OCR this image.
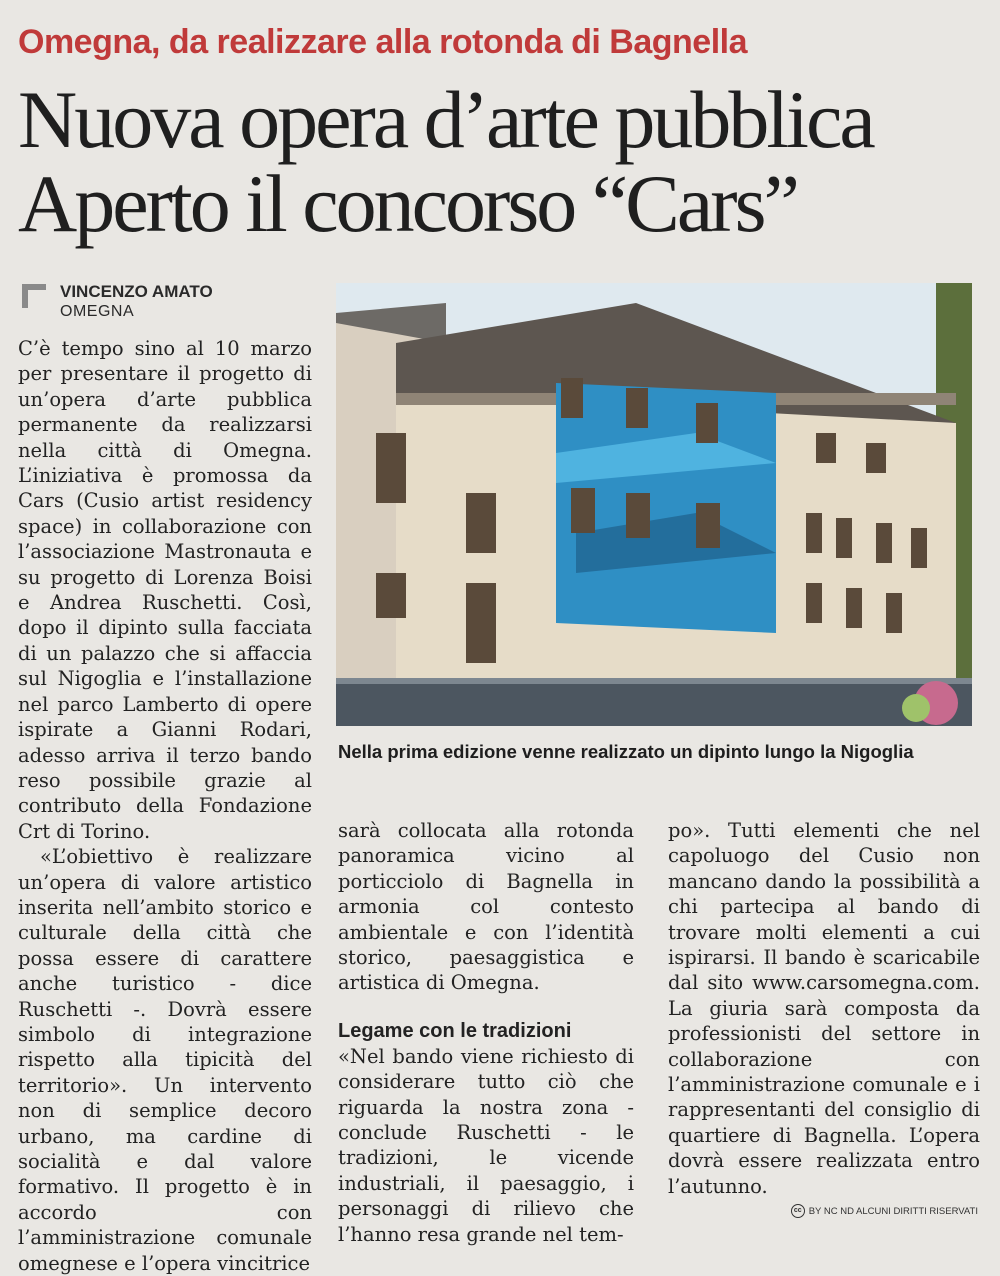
Omegna, da realizzare alla rotonda di Bagnella
Nuova opera d’arte pubblica
Aperto il concorso “Cars”
VINCENZO AMATO
OMEGNA

C’è tempo sino al 10 marzo per presentare il progetto di un’opera d’arte pubblica permanente da realizzarsi nella città di Omegna. L’iniziativa è promossa da Cars (Cusio artist residency space) in collaborazione con l’associazione Mastronauta e su progetto di Lorenza Boisi e Andrea Ruschetti. Così, dopo il dipinto sulla facciata di un palazzo che si affaccia sul Nigoglia e l’installazione nel parco Lamberto di opere ispirate a Gianni Rodari, adesso arriva il terzo bando reso possibile grazie al contributo della Fondazione Crt di Torino.

«L’obiettivo è realizzare un’opera di valore artistico inserita nell’ambito storico e culturale della città che possa essere di carattere anche turistico - dice Ruschetti -. Dovrà essere simbolo di integrazione rispetto alla tipicità del territorio». Un intervento non di semplice decoro urbano, ma cardine di socialità e dal valore formativo. Il progetto è in accordo con l’amministrazione comunale omegnese e l’opera vincitrice

Nella prima edizione venne realizzato un dipinto lungo la Nigoglia

sarà collocata alla rotonda panoramica vicino al porticciolo di Bagnella in armonia col contesto ambientale e con l’identità storico, paesaggistica e artistica di Omegna.

Legame con le tradizioni

«Nel bando viene richiesto di considerare tutto ciò che riguarda la nostra zona - conclude Ruschetti - le tradizioni, le vicende industriali, il paesaggio, i personaggi di rilievo che l’hanno resa grande nel tem-

po». Tutti elementi che nel capoluogo del Cusio non mancano dando la possibilità a chi partecipa al bando di trovare molti elementi a cui ispirarsi. Il bando è scaricabile dal sito www.carsomegna.com. La giuria sarà composta da professionisti del settore in collaborazione con l’amministrazione comunale e i rappresentanti del consiglio di quartiere di Bagnella. L’opera dovrà essere realizzata entro l’autunno.

cc BY NC ND ALCUNI DIRITTI RISERVATI
